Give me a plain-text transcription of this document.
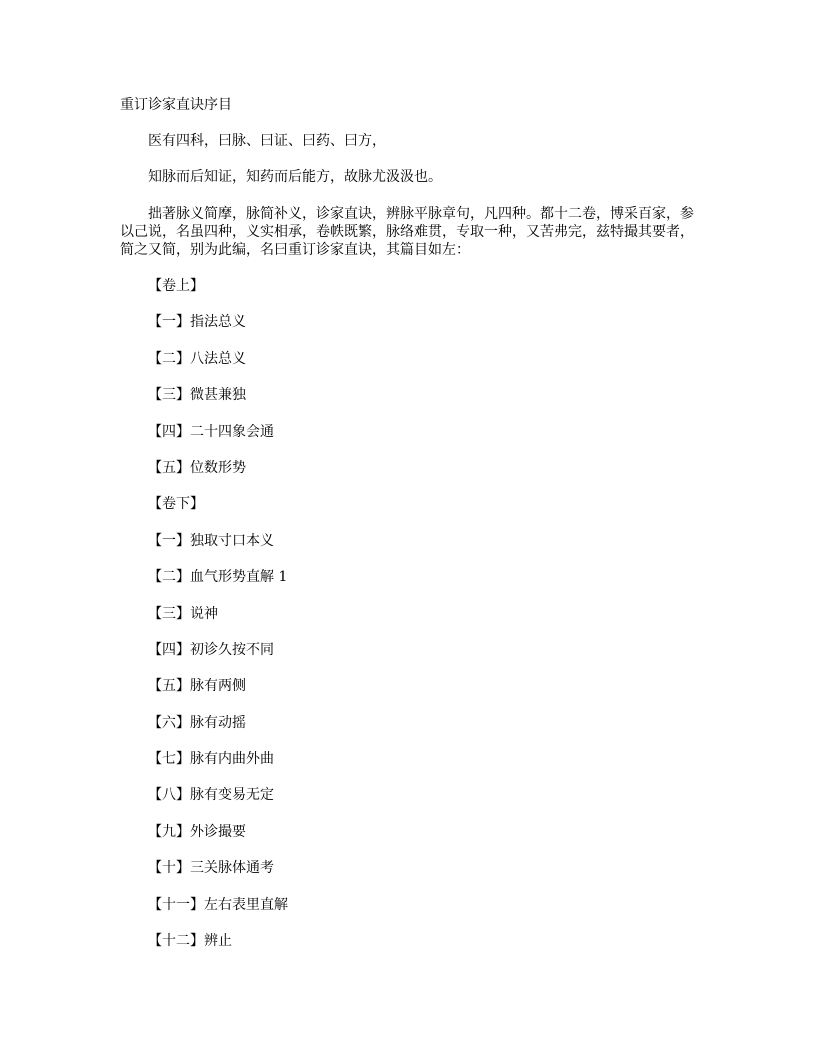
重订诊家直诀序目
医有四科，曰脉、曰证、曰药、曰方，
知脉而后知证，知药而后能方，故脉尤汲汲也。
拙著脉义简摩，脉简补义，诊家直诀，辨脉平脉章句，凡四种。都十二卷，博采百家，参以己说，名虽四种，义实相承，卷帙既繁，脉络难贯，专取一种，又苦弗完，兹特撮其要者，简之又简，别为此编，名曰重订诊家直诀，其篇目如左：
【卷上】
【一】指法总义
【二】八法总义
【三】微甚兼独
【四】二十四象会通
【五】位数形势
【卷下】
【一】独取寸口本义
【二】血气形势直解 1
【三】说神
【四】初诊久按不同
【五】脉有两侧
【六】脉有动摇
【七】脉有内曲外曲
【八】脉有变易无定
【九】外诊撮要
【十】三关脉体通考
【十一】左右表里直解
【十二】辨止
